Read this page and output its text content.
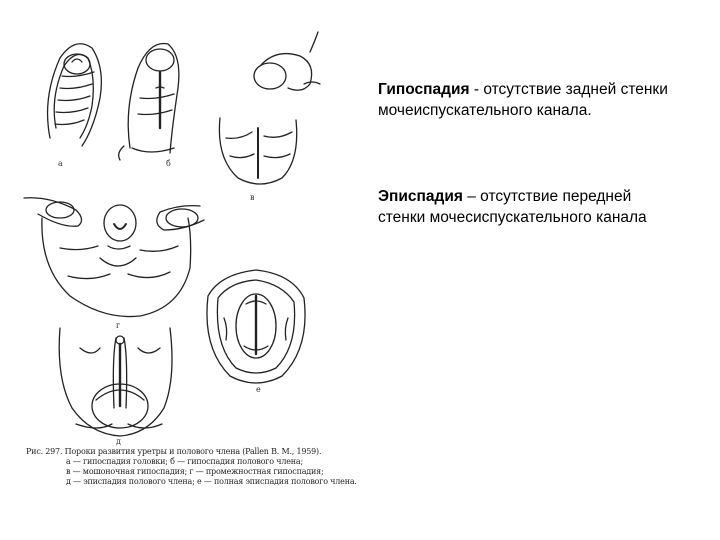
а	б
в
г
д
е
Рис. 297. Пороки развития уретры и полового члена (Pallen B. M., 1959).
а — гипоспадия головки; б — гипоспадия полового члена;
в — мошоночная гипоспадия; г — промежностная гипоспадия;
д — эписпадия полового члена; е — полная эписпадия полового члена.
Гипоспадия - отсутствие задней стенки мочеиспускательного канала.
Эписпадия – отсутствие передней стенки мочесиспускательного канала
